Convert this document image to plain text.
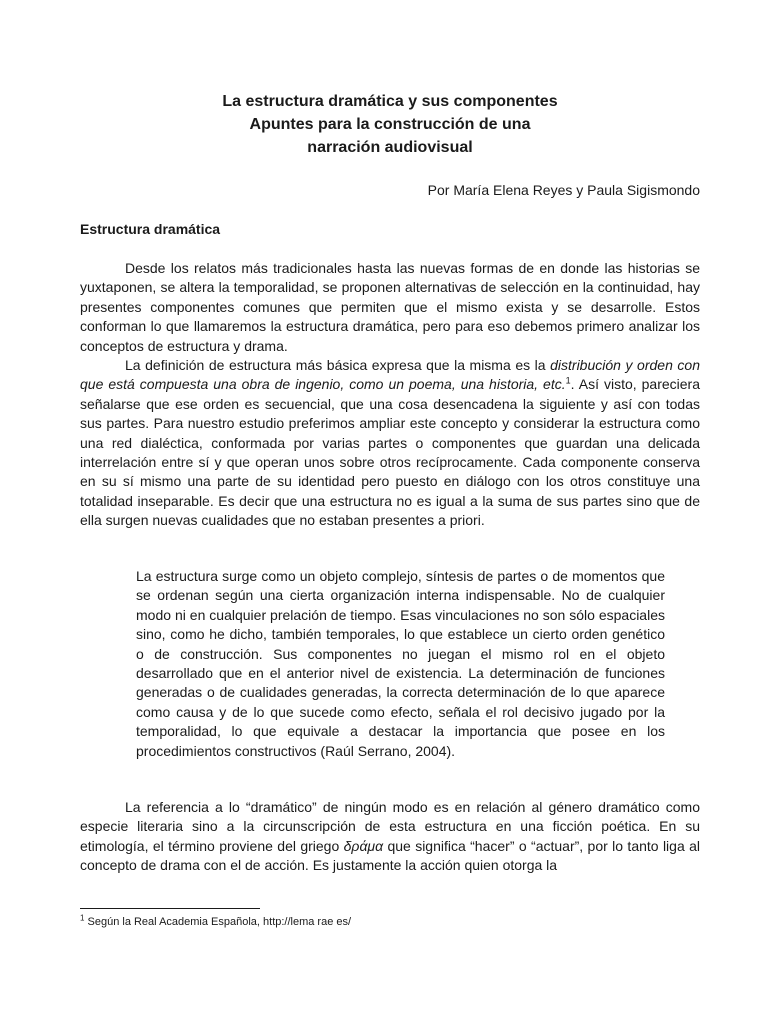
La estructura dramática y sus componentes
Apuntes para la construcción de una
narración audiovisual
Por María Elena Reyes y Paula Sigismondo
Estructura dramática

Desde los relatos más tradicionales hasta las nuevas formas de en donde las historias se yuxtaponen, se altera la temporalidad, se proponen alternativas de selección en la continuidad, hay presentes componentes comunes que permiten que el mismo exista y se desarrolle. Estos conforman lo que llamaremos la estructura dramática, pero para eso debemos primero analizar los conceptos de estructura y drama.

La definición de estructura más básica expresa que la misma es la distribución y orden con que está compuesta una obra de ingenio, como un poema, una historia, etc.$^1$. Así visto, pareciera señalarse que ese orden es secuencial, que una cosa desencadena la siguiente y así con todas sus partes. Para nuestro estudio preferimos ampliar este concepto y considerar la estructura como una red dialéctica, conformada por varias partes o componentes que guardan una delicada interrelación entre sí y que operan unos sobre otros recíprocamente. Cada componente conserva en su sí mismo una parte de su identidad pero puesto en diálogo con los otros constituye una totalidad inseparable. Es decir que una estructura no es igual a la suma de sus partes sino que de ella surgen nuevas cualidades que no estaban presentes a priori.

La estructura surge como un objeto complejo, síntesis de partes o de momentos que se ordenan según una cierta organización interna indispensable. No de cualquier modo ni en cualquier prelación de tiempo. Esas vinculaciones no son sólo espaciales sino, como he dicho, también temporales, lo que establece un cierto orden genético o de construcción. Sus componentes no juegan el mismo rol en el objeto desarrollado que en el anterior nivel de existencia. La determinación de funciones generadas o de cualidades generadas, la correcta determinación de lo que aparece como causa y de lo que sucede como efecto, señala el rol decisivo jugado por la temporalidad, lo que equivale a destacar la importancia que posee en los procedimientos constructivos (Raúl Serrano, 2004).

La referencia a lo “dramático” de ningún modo es en relación al género dramático como especie literaria sino a la circunscripción de esta estructura en una ficción poética. En su etimología, el término proviene del griego δράμα que significa “hacer” o “actuar”, por lo tanto liga al concepto de drama con el de acción. Es justamente la acción quien otorga la

$^1$ Según la Real Academia Española, http://lema rae es/
